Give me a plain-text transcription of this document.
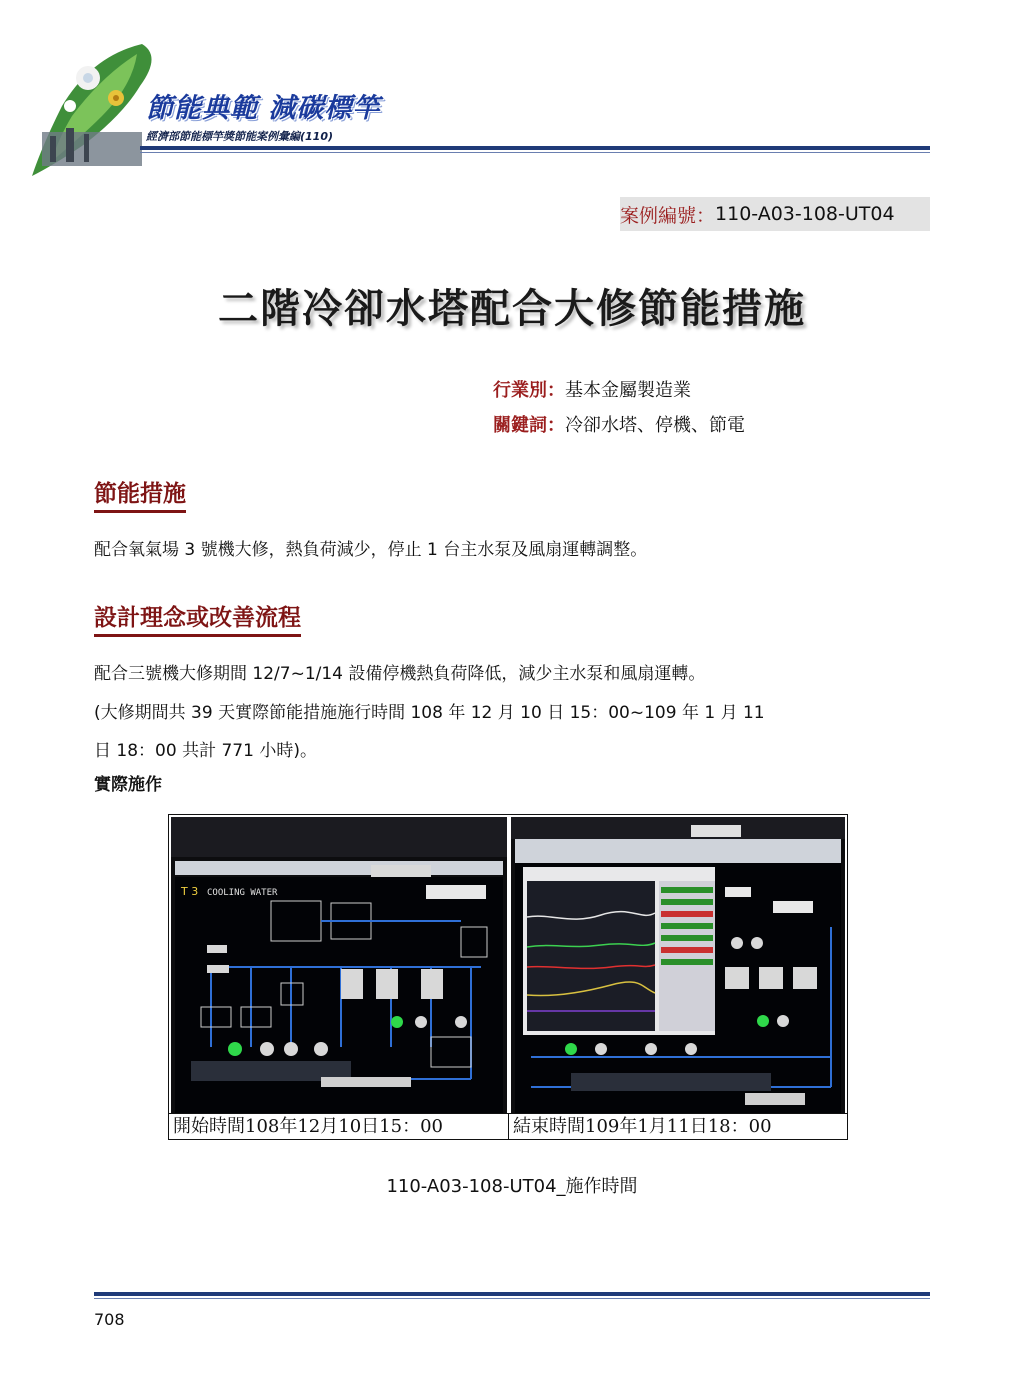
節能典範 減碳標竿
經濟部節能標竿獎節能案例彙編(110)
案例編號： 110-A03-108-UT04
二階冷卻水塔配合大修節能措施
行業別：基本金屬製造業
關鍵詞：冷卻水塔、停機、節電
節能措施
配合氧氣場 3 號機大修，熱負荷減少，停止 1 台主水泵及風扇運轉調整。
設計理念或改善流程
配合三號機大修期間 12/7~1/14 設備停機熱負荷降低，減少主水泵和風扇運轉。
(大修期間共 39 天實際節能措施施行時間 108 年 12 月 10 日 15：00~109 年 1 月 11
日 18：00 共計 771 小時)。
實際施作
T 3 COOLING WATER
開始時間108年12月10日15：00	結束時間109年1月11日18：00
110-A03-108-UT04_施作時間
708
